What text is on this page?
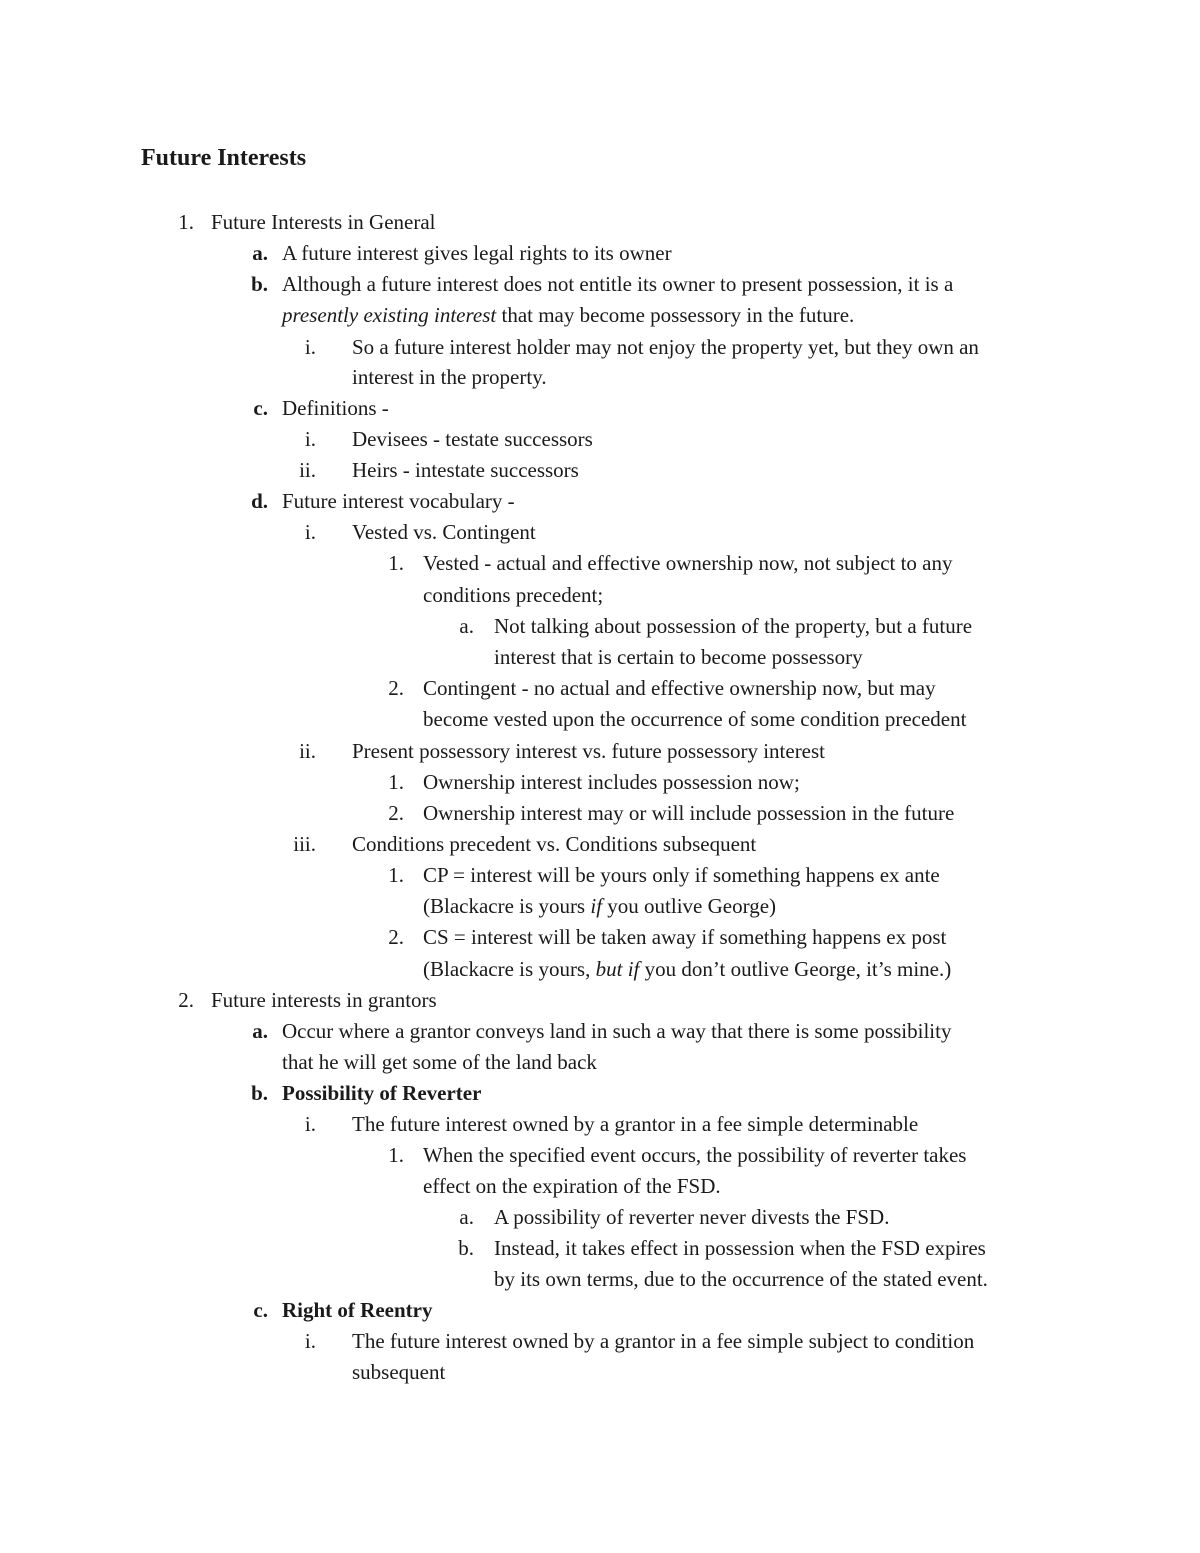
Future Interests
1. Future Interests in General
a. A future interest gives legal rights to its owner
b. Although a future interest does not entitle its owner to present possession, it is a
presently existing interest that may become possessory in the future.
i. So a future interest holder may not enjoy the property yet, but they own an
interest in the property.
c. Definitions -
i. Devisees - testate successors
ii. Heirs - intestate successors
d. Future interest vocabulary -
i. Vested vs. Contingent
1. Vested - actual and effective ownership now, not subject to any
conditions precedent;
a. Not talking about possession of the property, but a future
interest that is certain to become possessory
2. Contingent - no actual and effective ownership now, but may
become vested upon the occurrence of some condition precedent
ii. Present possessory interest vs. future possessory interest
1. Ownership interest includes possession now;
2. Ownership interest may or will include possession in the future
iii. Conditions precedent vs. Conditions subsequent
1. CP = interest will be yours only if something happens ex ante
(Blackacre is yours if you outlive George)
2. CS = interest will be taken away if something happens ex post
(Blackacre is yours, but if you don’t outlive George, it’s mine.)
2. Future interests in grantors
a. Occur where a grantor conveys land in such a way that there is some possibility
that he will get some of the land back
b. Possibility of Reverter
i. The future interest owned by a grantor in a fee simple determinable
1. When the specified event occurs, the possibility of reverter takes
effect on the expiration of the FSD.
a. A possibility of reverter never divests the FSD.
b. Instead, it takes effect in possession when the FSD expires
by its own terms, due to the occurrence of the stated event.
c. Right of Reentry
i. The future interest owned by a grantor in a fee simple subject to condition
subsequent
